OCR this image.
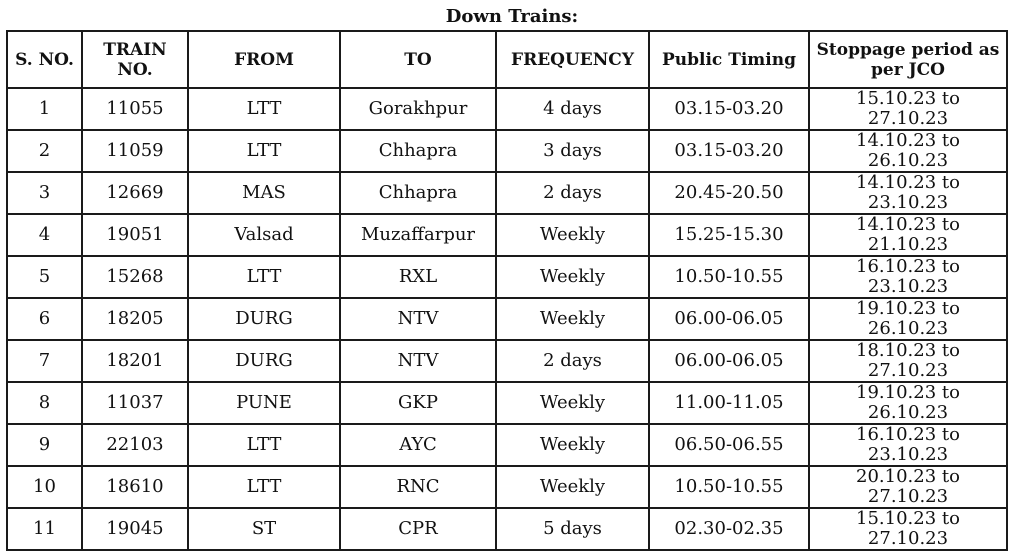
Down Trains:
S. NO.	TRAIN NO.	FROM	TO	FREQUENCY	Public Timing	Stoppage period as per JCO
1	11055	LTT	Gorakhpur	4 days	03.15-03.20	15.10.23 to 27.10.23
2	11059	LTT	Chhapra	3 days	03.15-03.20	14.10.23 to 26.10.23
3	12669	MAS	Chhapra	2 days	20.45-20.50	14.10.23 to 23.10.23
4	19051	Valsad	Muzaffarpur	Weekly	15.25-15.30	14.10.23 to 21.10.23
5	15268	LTT	RXL	Weekly	10.50-10.55	16.10.23 to 23.10.23
6	18205	DURG	NTV	Weekly	06.00-06.05	19.10.23 to 26.10.23
7	18201	DURG	NTV	2 days	06.00-06.05	18.10.23 to 27.10.23
8	11037	PUNE	GKP	Weekly	11.00-11.05	19.10.23 to 26.10.23
9	22103	LTT	AYC	Weekly	06.50-06.55	16.10.23 to 23.10.23
10	18610	LTT	RNC	Weekly	10.50-10.55	20.10.23 to 27.10.23
11	19045	ST	CPR	5 days	02.30-02.35	15.10.23 to 27.10.23
